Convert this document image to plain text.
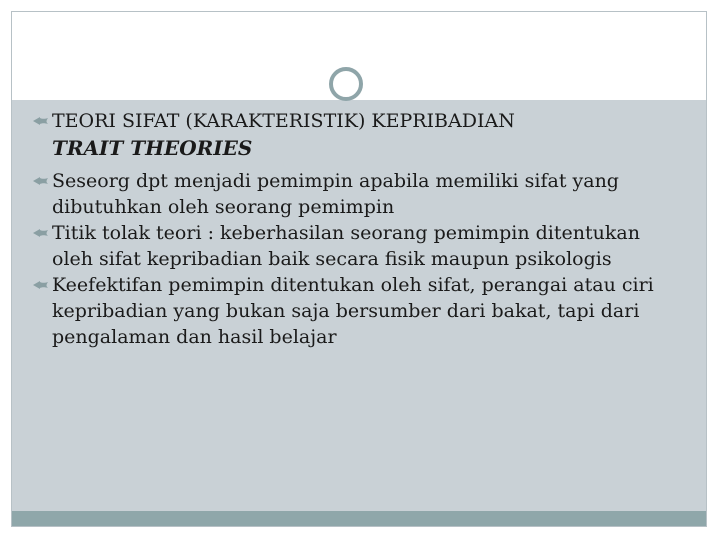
TEORI SIFAT (KARAKTERISTIK) KEPRIBADIAN
TRAIT THEORIES
Seseorg dpt menjadi pemimpin apabila memiliki sifat yang dibutuhkan oleh seorang pemimpin
Titik tolak teori : keberhasilan seorang pemimpin ditentukan oleh sifat kepribadian baik secara fisik maupun psikologis
Keefektifan pemimpin ditentukan oleh sifat, perangai atau ciri kepribadian yang bukan saja bersumber dari bakat, tapi dari pengalaman dan hasil belajar
